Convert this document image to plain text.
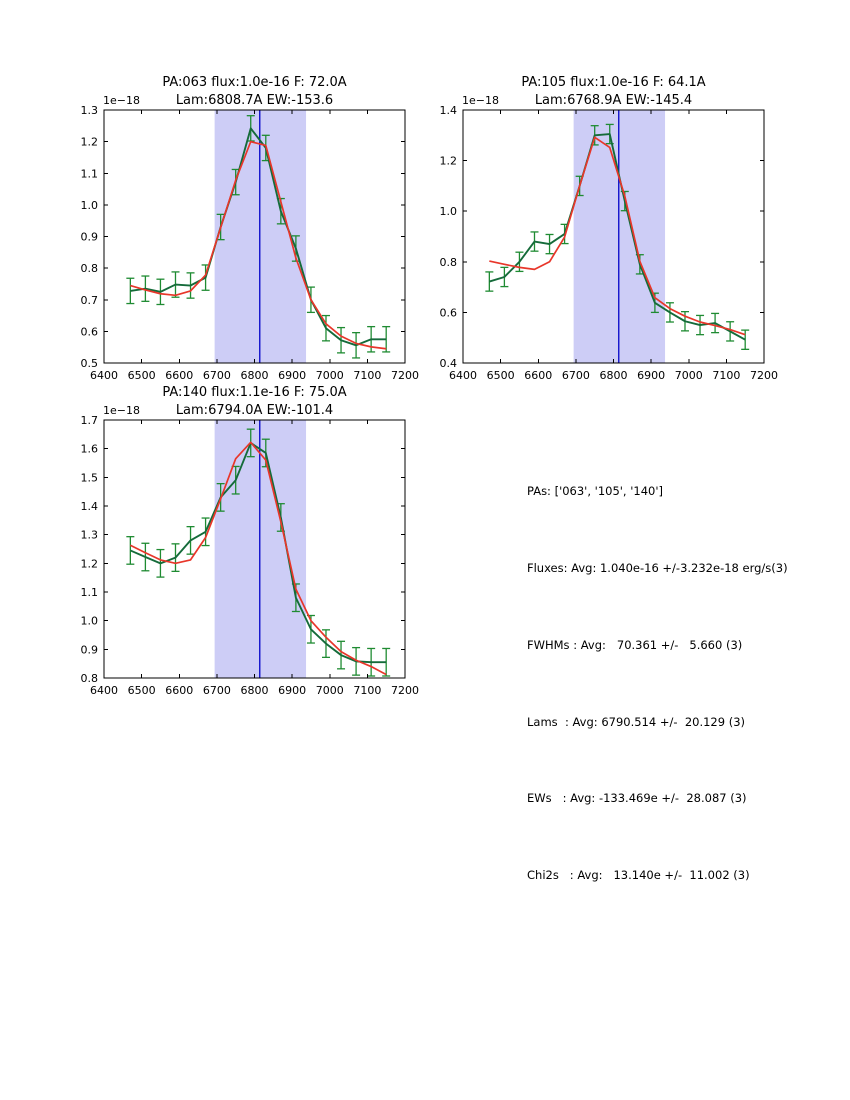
6400 6500 6600 6700 6800 6900 7000 7100 7200
0.5
0.6
0.7
0.8
0.9
1.0
1.1
1.2
1.3
PA:063 flux:1.0e-16 F: 72.0A
Lam:6808.7A EW:-153.6
1e−18
6400 6500 6600 6700 6800 6900 7000 7100 7200
0.4
0.6
0.8
1.0
1.2
1.4
PA:105 flux:1.0e-16 F: 64.1A
Lam:6768.9A EW:-145.4
1e−18
6400 6500 6600 6700 6800 6900 7000 7100 7200
0.8
0.9
1.0
1.1
1.2
1.3
1.4
1.5
1.6
1.7
PA:140 flux:1.1e-16 F: 75.0A
Lam:6794.0A EW:-101.4
1e−18

PAs: ['063', '105', '140']

Fluxes: Avg: 1.040e-16 +/-3.232e-18 erg/s(3)

FWHMs : Avg:   70.361 +/-   5.660 (3)

Lams  : Avg: 6790.514 +/-  20.129 (3)

EWs   : Avg: -133.469e +/-  28.087 (3)

Chi2s   : Avg:   13.140e +/-  11.002 (3)
